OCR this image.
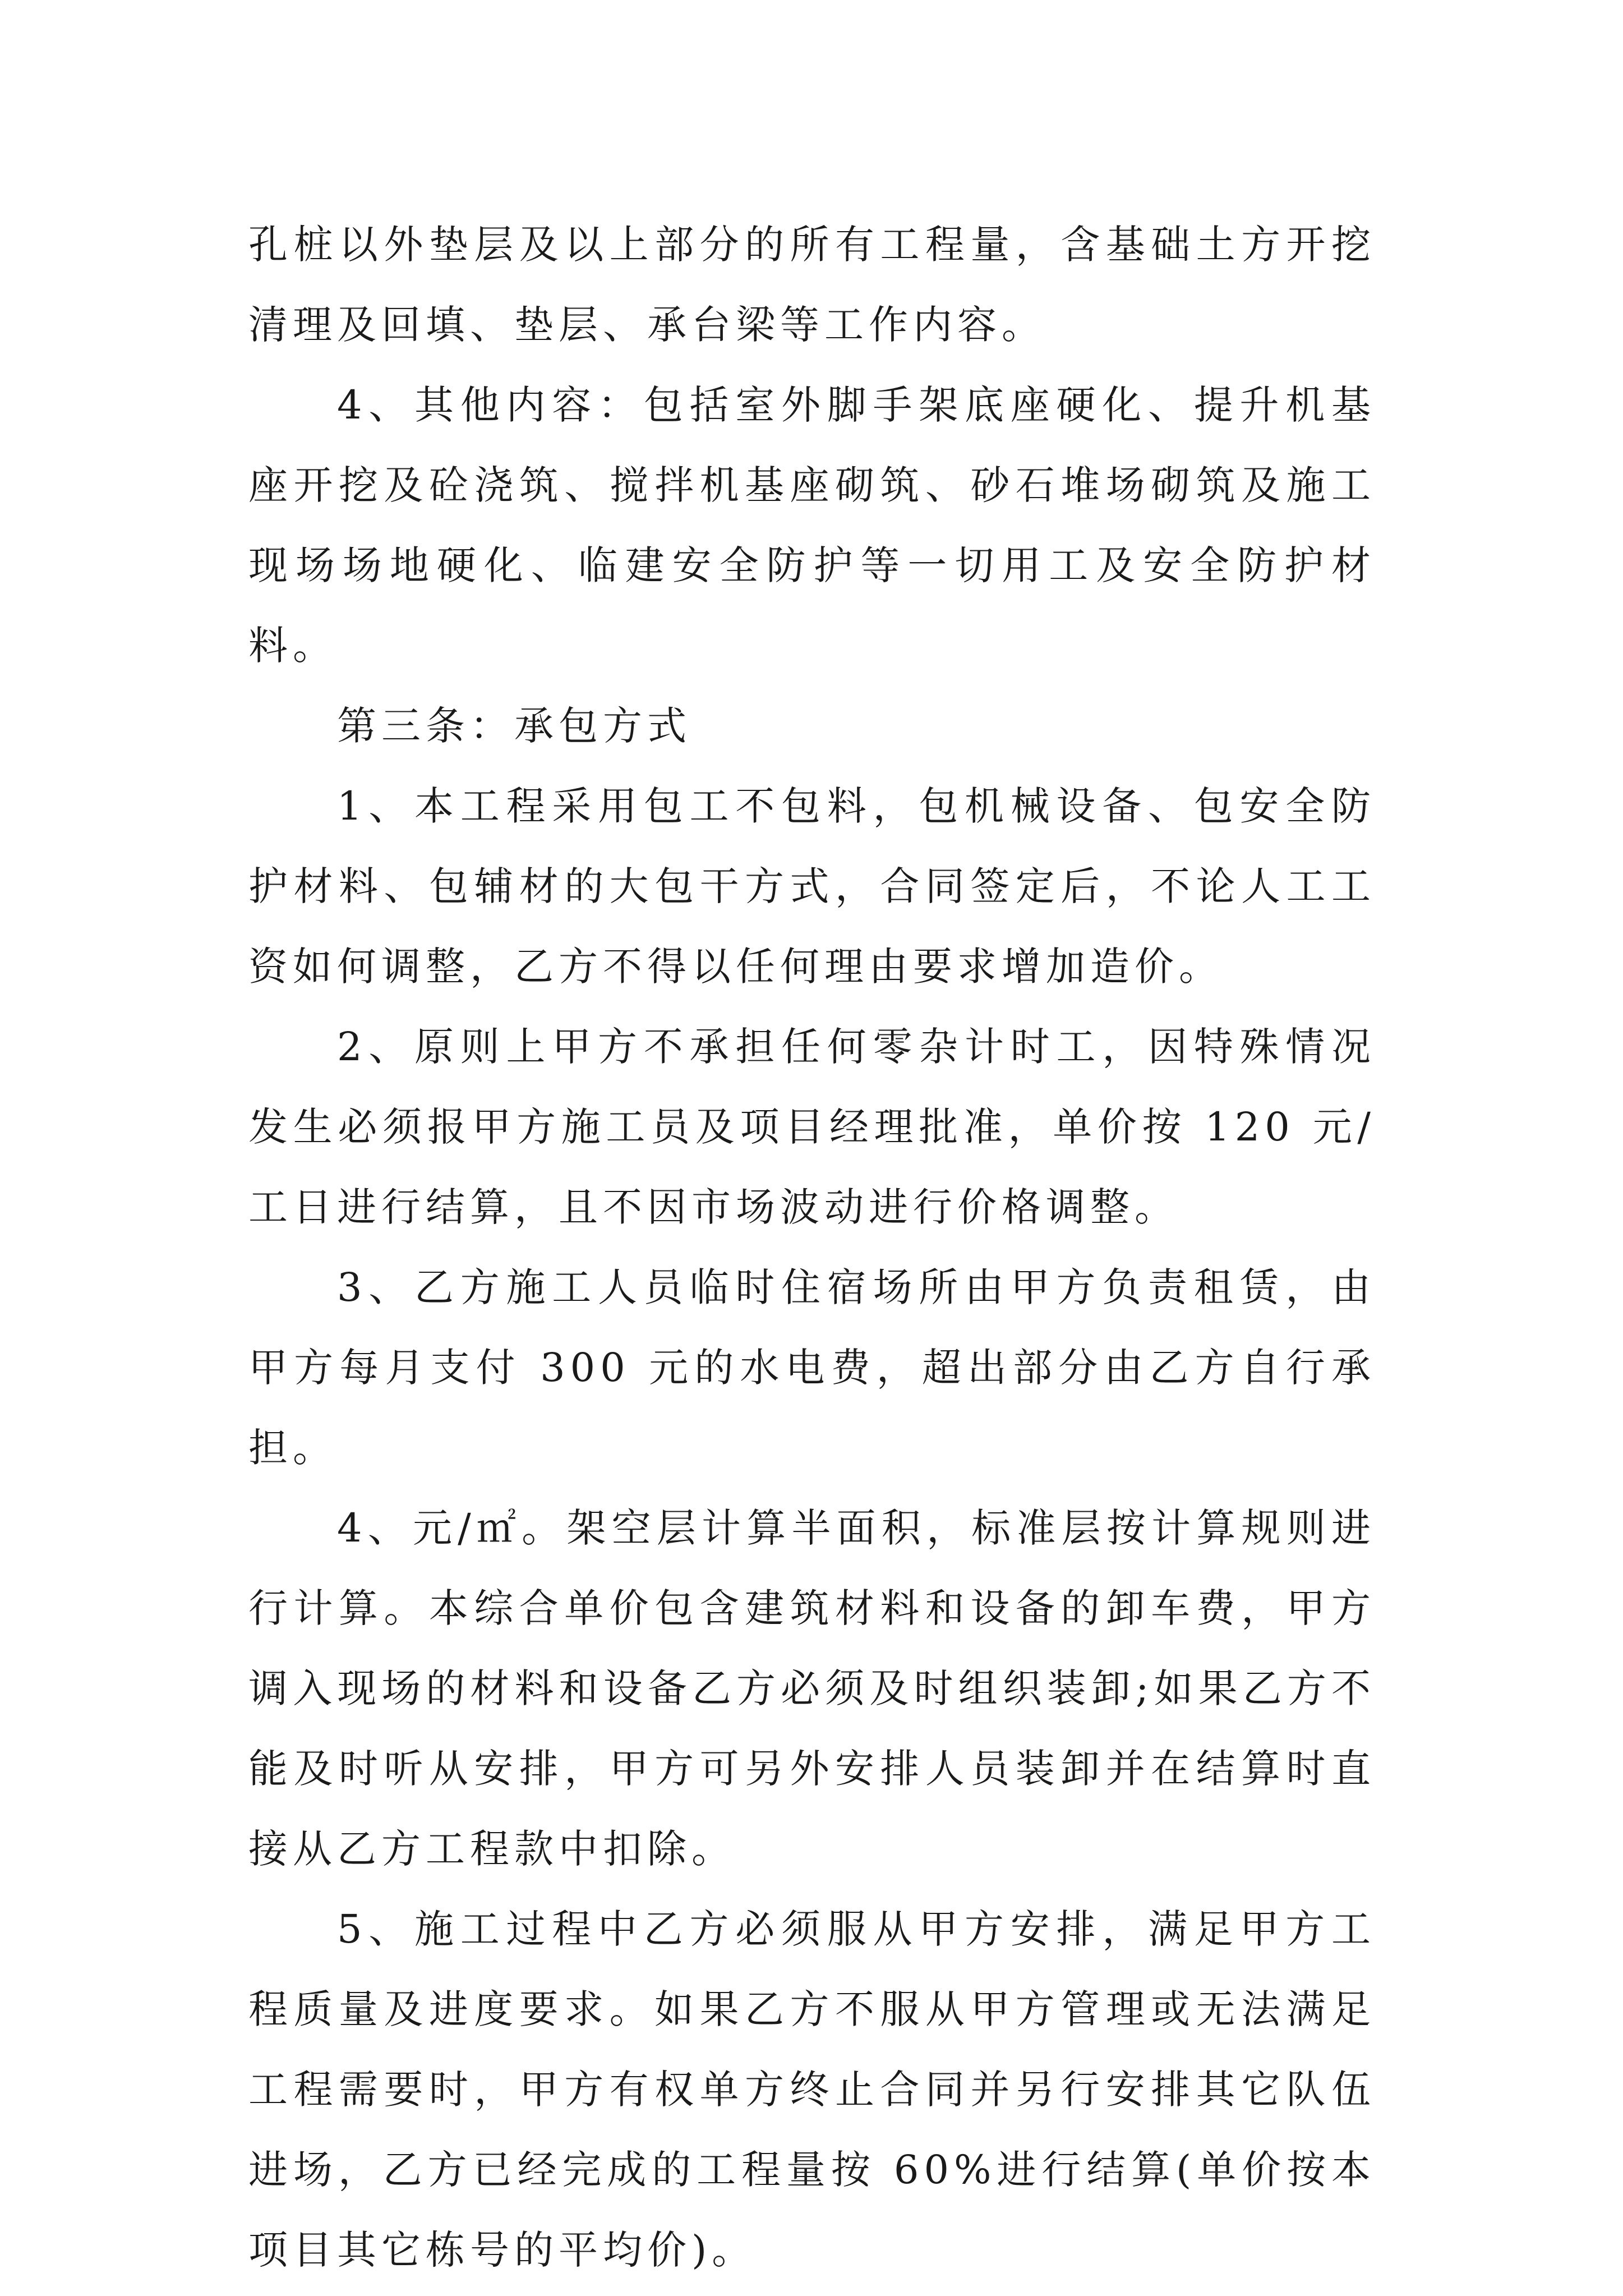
孔桩以外垫层及以上部分的所有工程量，含基础土方开挖清理及回填、垫层、承台梁等工作内容。

4、其他内容：包括室外脚手架底座硬化、提升机基座开挖及砼浇筑、搅拌机基座砌筑、砂石堆场砌筑及施工现场场地硬化、临建安全防护等一切用工及安全防护材料。

第三条：承包方式

1、本工程采用包工不包料，包机械设备、包安全防护材料、包辅材的大包干方式，合同签定后，不论人工工资如何调整，乙方不得以任何理由要求增加造价。

2、原则上甲方不承担任何零杂计时工，因特殊情况发生必须报甲方施工员及项目经理批准，单价按 120 元/工日进行结算，且不因市场波动进行价格调整。

3、乙方施工人员临时住宿场所由甲方负责租赁，由甲方每月支付 300 元的水电费，超出部分由乙方自行承担。

4、元/㎡。架空层计算半面积，标准层按计算规则进行计算。本综合单价包含建筑材料和设备的卸车费，甲方调入现场的材料和设备乙方必须及时组织装卸;如果乙方不能及时听从安排，甲方可另外安排人员装卸并在结算时直接从乙方工程款中扣除。

5、施工过程中乙方必须服从甲方安排，满足甲方工程质量及进度要求。如果乙方不服从甲方管理或无法满足工程需要时，甲方有权单方终止合同并另行安排其它队伍进场，乙方已经完成的工程量按 60%进行结算(单价按本项目其它栋号的平均价)。
